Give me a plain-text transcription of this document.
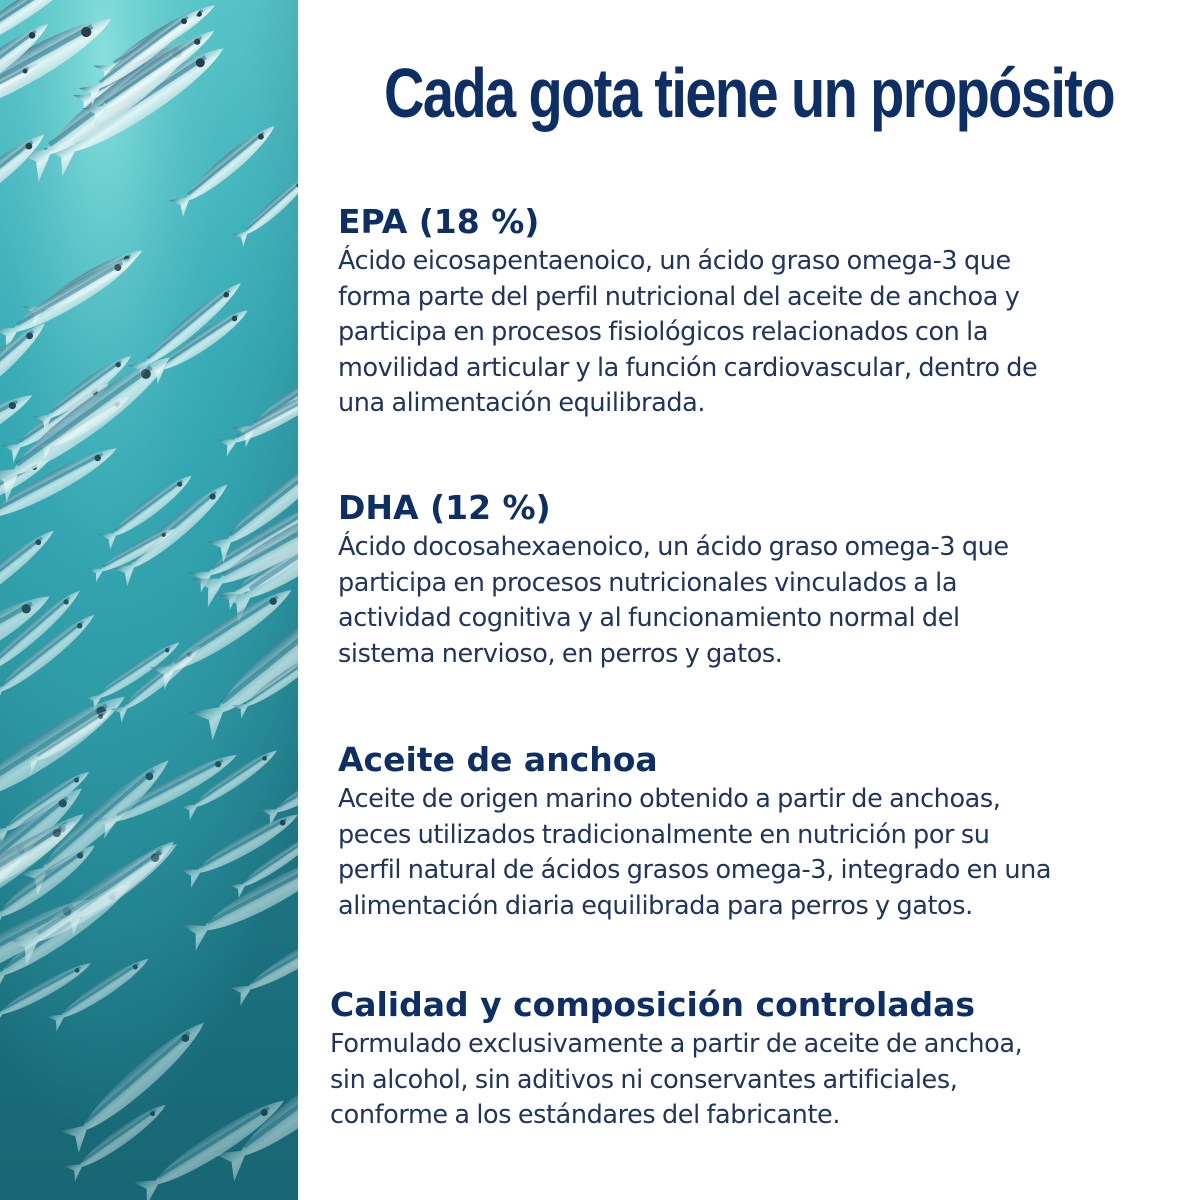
Cada gota tiene un propósito
EPA (18 %)

Ácido eicosapentaenoico, un ácido graso omega-3 que
forma parte del perfil nutricional del aceite de anchoa y
participa en procesos fisiológicos relacionados con la
movilidad articular y la función cardiovascular, dentro de
una alimentación equilibrada.

DHA (12 %)

Ácido docosahexaenoico, un ácido graso omega-3 que
participa en procesos nutricionales vinculados a la
actividad cognitiva y al funcionamiento normal del
sistema nervioso, en perros y gatos.

Aceite de anchoa

Aceite de origen marino obtenido a partir de anchoas,
peces utilizados tradicionalmente en nutrición por su
perfil natural de ácidos grasos omega-3, integrado en una
alimentación diaria equilibrada para perros y gatos.

Calidad y composición controladas

Formulado exclusivamente a partir de aceite de anchoa,
sin alcohol, sin aditivos ni conservantes artificiales,
conforme a los estándares del fabricante.
